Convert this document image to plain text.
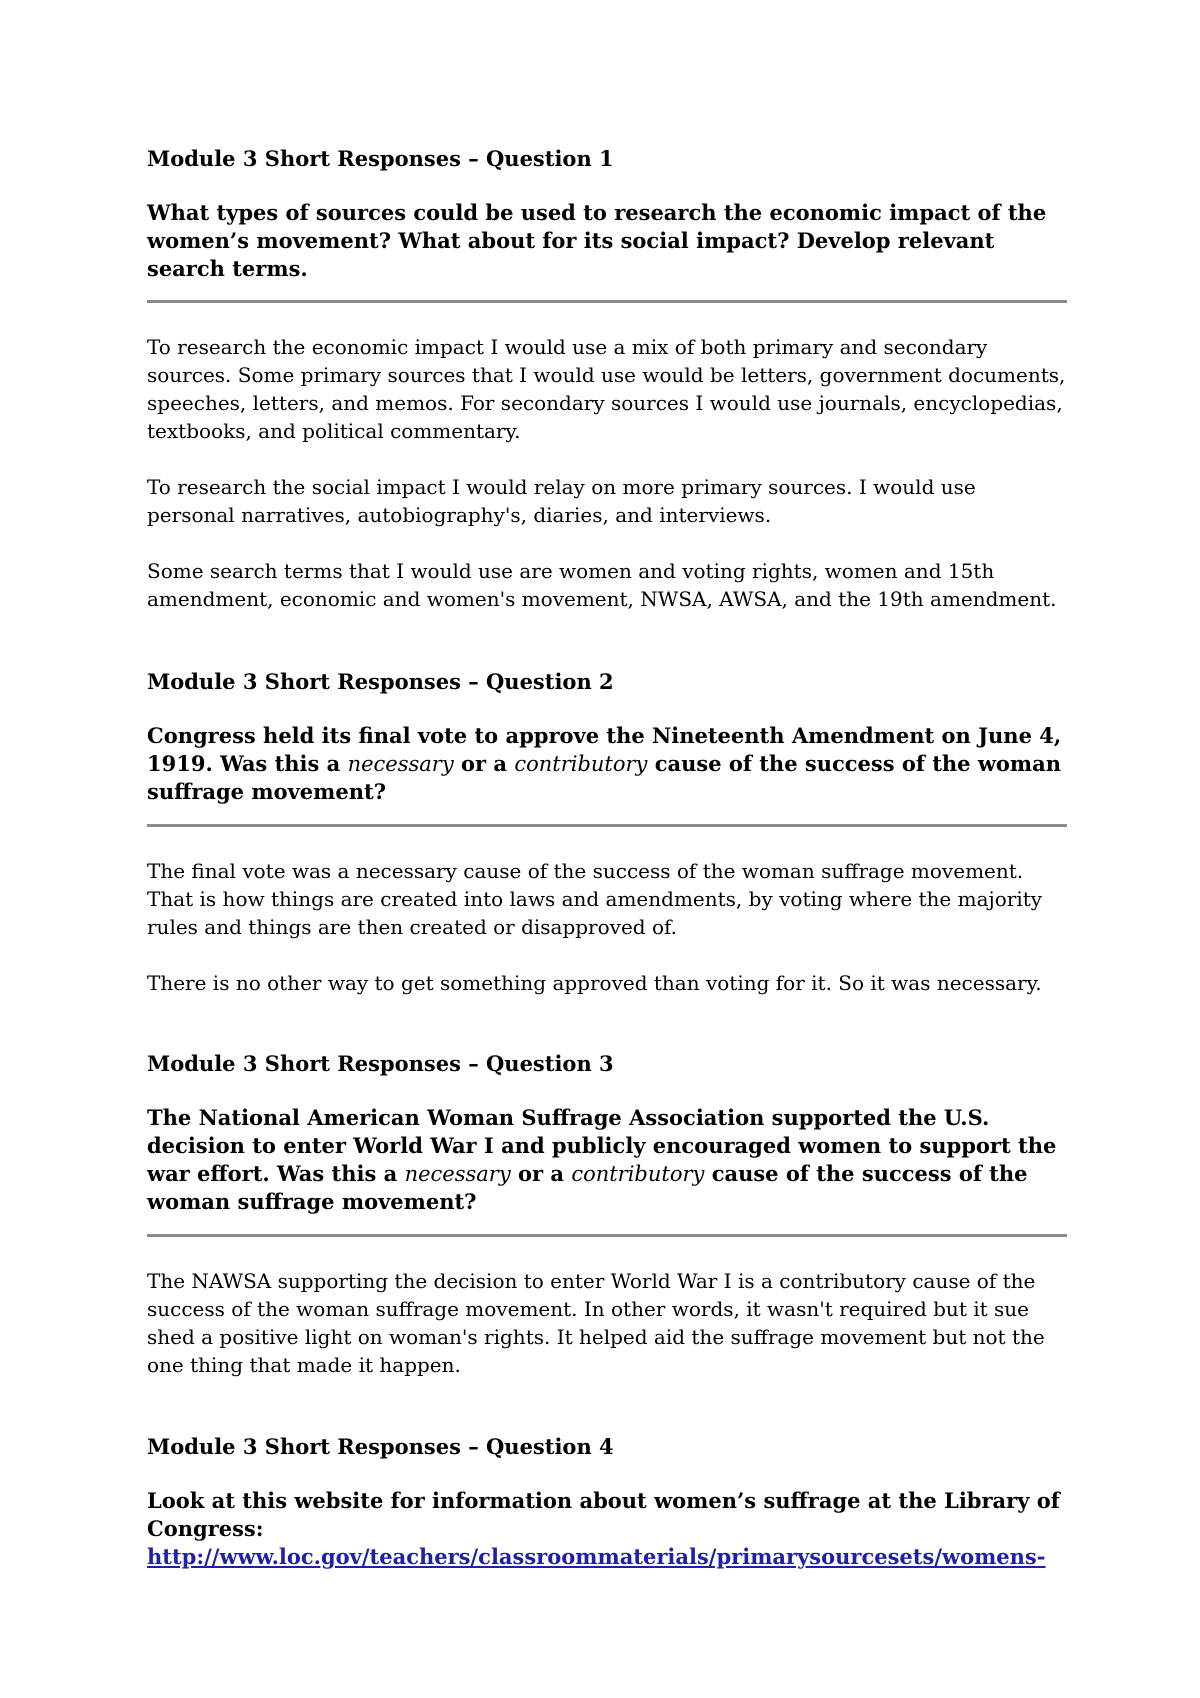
Module 3 Short Responses – Question 1

What types of sources could be used to research the economic impact of the women’s movement? What about for its social impact? Develop relevant search terms.

To research the economic impact I would use a mix of both primary and secondary sources. Some primary sources that I would use would be letters, government documents, speeches, letters, and memos. For secondary sources I would use journals, encyclopedias, textbooks, and political commentary.

To research the social impact I would relay on more primary sources. I would use personal narratives, autobiography's, diaries, and interviews.

Some search terms that I would use are women and voting rights, women and 15th amendment, economic and women's movement, NWSA, AWSA, and the 19th amendment.

Module 3 Short Responses – Question 2

Congress held its final vote to approve the Nineteenth Amendment on June 4, 1919. Was this a necessary or a contributory cause of the success of the woman suffrage movement?

The final vote was a necessary cause of the success of the woman suffrage movement. That is how things are created into laws and amendments, by voting where the majority rules and things are then created or disapproved of.

There is no other way to get something approved than voting for it. So it was necessary.

Module 3 Short Responses – Question 3

The National American Woman Suffrage Association supported the U.S. decision to enter World War I and publicly encouraged women to support the war effort. Was this a necessary or a contributory cause of the success of the woman suffrage movement?

The NAWSA supporting the decision to enter World War I is a contributory cause of the success of the woman suffrage movement. In other words, it wasn't required but it sue shed a positive light on woman's rights. It helped aid the suffrage movement but not the one thing that made it happen.

Module 3 Short Responses – Question 4

Look at this website for information about women’s suffrage at the Library of Congress: http://www.loc.gov/teachers/classroommaterials/primarysourcesets/womens-
